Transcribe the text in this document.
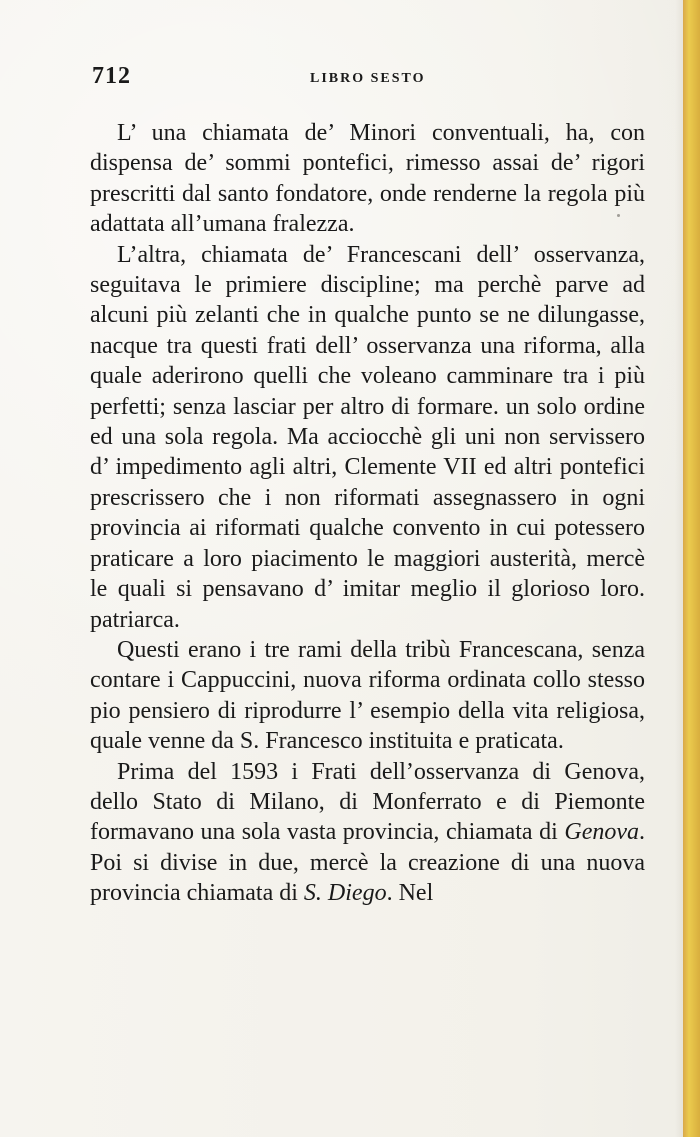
712	LIBRO SESTO

L’ una chiamata de’ Minori conventuali, ha, con dispensa de’ sommi pontefici, rimesso assai de’ rigori prescritti dal santo fondatore, onde renderne la regola più adattata all’umana fralezza.

L’altra, chiamata de’ Francescani dell’ osservanza, seguitava le primiere discipline; ma perchè parve ad alcuni più zelanti che in qualche punto se ne dilungasse, nacque tra questi frati dell’ osservanza una riforma, alla quale aderirono quelli che voleano camminare tra i più perfetti; senza lasciar per altro di formare. un solo ordine ed una sola regola. Ma acciocchè gli uni non servissero d’ impedimento agli altri, Clemente VII ed altri pontefici prescrissero che i non riformati assegnassero in ogni provincia ai riformati qualche convento in cui potessero praticare a loro piacimento le maggiori austerità, mercè le quali si pensavano d’ imitar meglio il glorioso loro. patriarca.

Questi erano i tre rami della tribù Francescana, senza contare i Cappuccini, nuova riforma ordinata collo stesso pio pensiero di riprodurre l’ esempio della vita religiosa, quale venne da S. Francesco instituita e praticata.

Prima del 1593 i Frati dell’osservanza di Genova, dello Stato di Milano, di Monferrato e di Piemonte formavano una sola vasta provincia, chiamata di Genova. Poi si divise in due, mercè la creazione di una nuova provincia chiamata di S. Diego. Nel
